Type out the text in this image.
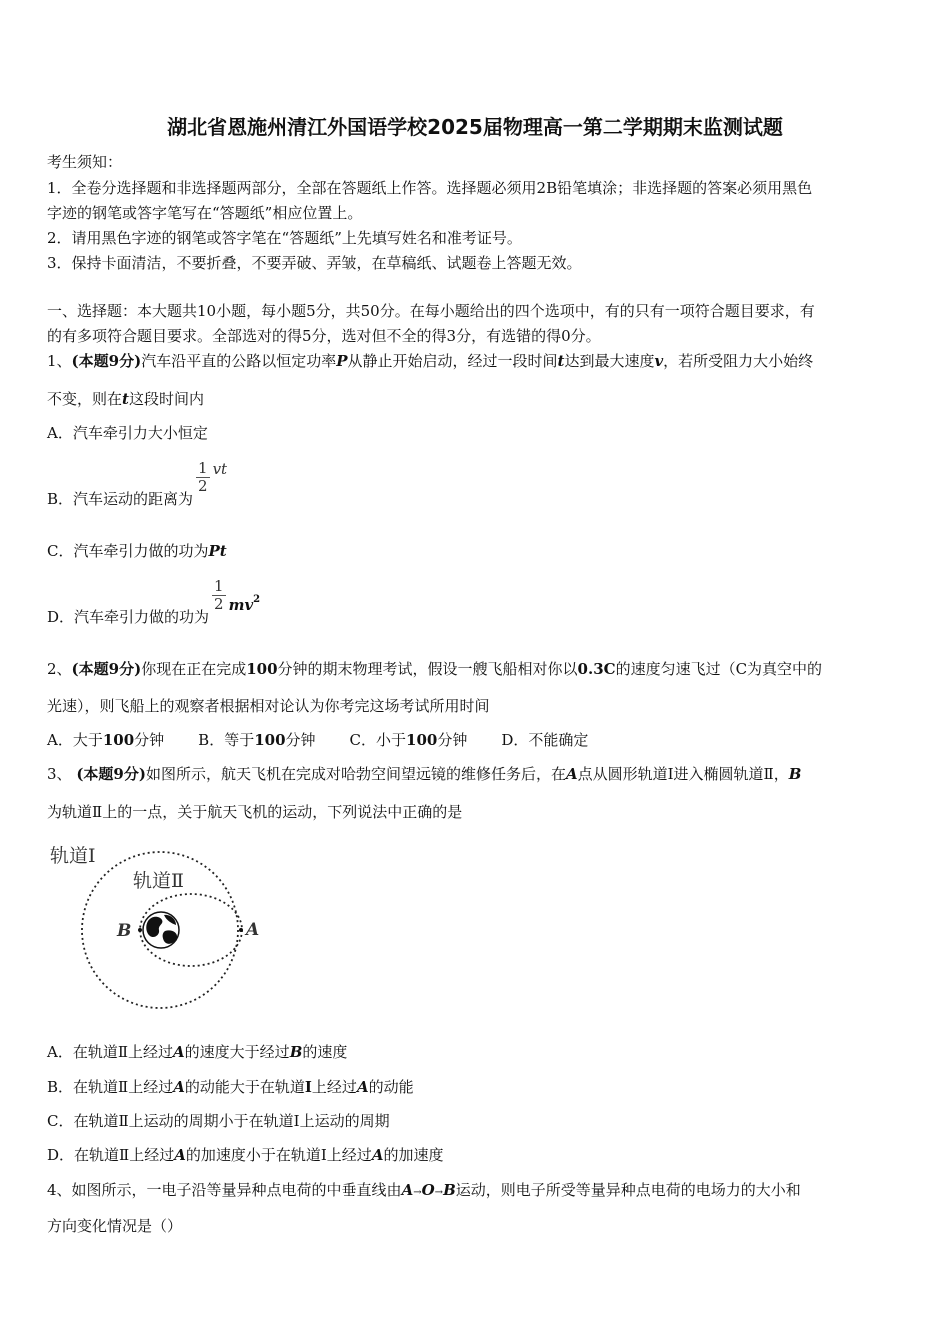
湖北省恩施州清江外国语学校2025届物理高一第二学期期末监测试题
考生须知：
1．全卷分选择题和非选择题两部分，全部在答题纸上作答。选择题必须用2B铅笔填涂；非选择题的答案必须用黑色
字迹的钢笔或答字笔写在“答题纸”相应位置上。
2．请用黑色字迹的钢笔或答字笔在“答题纸”上先填写姓名和准考证号。
3．保持卡面清洁，不要折叠，不要弄破、弄皱，在草稿纸、试题卷上答题无效。
一、选择题：本大题共10小题，每小题5分，共50分。在每小题给出的四个选项中，有的只有一项符合题目要求，有
的有多项符合题目要求。全部选对的得5分，选对但不全的得3分，有选错的得0分。
1、(本题9分)汽车沿平直的公路以恒定功率P从静止开始启动，经过一段时间t达到最大速度v，若所受阻力大小始终
不变，则在t这段时间内
A．汽车牵引力大小恒定
B．汽车运动的距离为
$\frac{1}{2}$ vt
C．汽车牵引力做的功为Pt
D．汽车牵引力做的功为
$\frac{1}{2} mv^2$
2、(本题9分)你现在正在完成100分钟的期末物理考试，假设一艘飞船相对你以0.3C的速度匀速飞过（C为真空中的
光速），则飞船上的观察者根据相对论认为你考完这场考试所用时间
A．大于100分钟 B．等于100分钟 C．小于100分钟 D．不能确定
3、 (本题9分)如图所示，航天飞机在完成对哈勃空间望远镜的维修任务后，在A点从圆形轨道Ⅰ进入椭圆轨道Ⅱ，B
为轨道Ⅱ上的一点，关于航天飞机的运动，下列说法中正确的是
轨道Ⅰ
轨道Ⅱ
B	A
A．在轨道Ⅱ上经过A的速度大于经过B的速度
B．在轨道Ⅱ上经过A的动能大于在轨道I上经过A的动能
C．在轨道Ⅱ上运动的周期小于在轨道Ⅰ上运动的周期
D．在轨道Ⅱ上经过A的加速度小于在轨道Ⅰ上经过A的加速度
4、如图所示，一电子沿等量异种点电荷的中垂直线由A→O→B运动，则电子所受等量异种点电荷的电场力的大小和
方向变化情况是（）
